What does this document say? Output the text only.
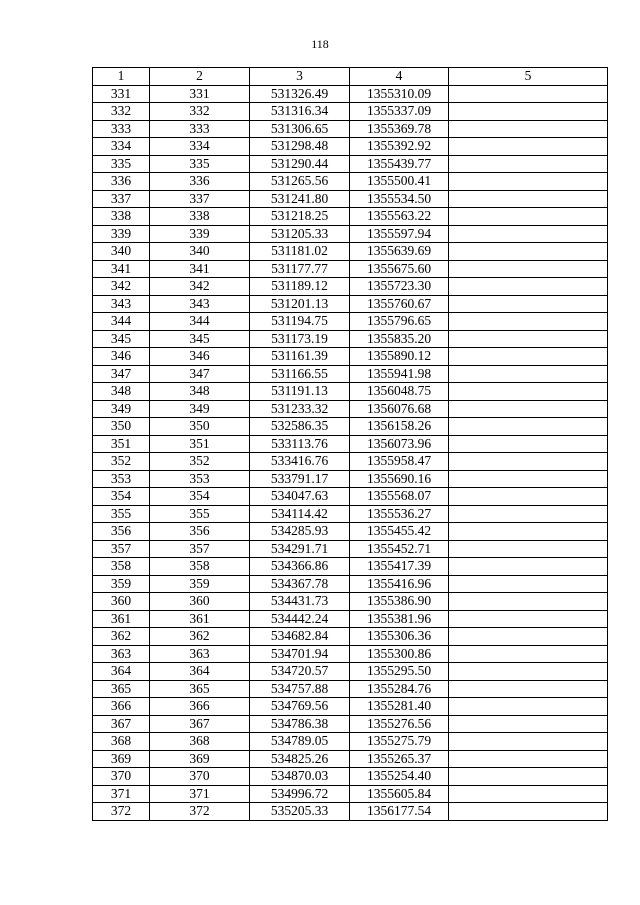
118
1	2	3	4	5
331	331	531326.49	1355310.09	
332	332	531316.34	1355337.09	
333	333	531306.65	1355369.78	
334	334	531298.48	1355392.92	
335	335	531290.44	1355439.77	
336	336	531265.56	1355500.41	
337	337	531241.80	1355534.50	
338	338	531218.25	1355563.22	
339	339	531205.33	1355597.94	
340	340	531181.02	1355639.69	
341	341	531177.77	1355675.60	
342	342	531189.12	1355723.30	
343	343	531201.13	1355760.67	
344	344	531194.75	1355796.65	
345	345	531173.19	1355835.20	
346	346	531161.39	1355890.12	
347	347	531166.55	1355941.98	
348	348	531191.13	1356048.75	
349	349	531233.32	1356076.68	
350	350	532586.35	1356158.26	
351	351	533113.76	1356073.96	
352	352	533416.76	1355958.47	
353	353	533791.17	1355690.16	
354	354	534047.63	1355568.07	
355	355	534114.42	1355536.27	
356	356	534285.93	1355455.42	
357	357	534291.71	1355452.71	
358	358	534366.86	1355417.39	
359	359	534367.78	1355416.96	
360	360	534431.73	1355386.90	
361	361	534442.24	1355381.96	
362	362	534682.84	1355306.36	
363	363	534701.94	1355300.86	
364	364	534720.57	1355295.50	
365	365	534757.88	1355284.76	
366	366	534769.56	1355281.40	
367	367	534786.38	1355276.56	
368	368	534789.05	1355275.79	
369	369	534825.26	1355265.37	
370	370	534870.03	1355254.40	
371	371	534996.72	1355605.84	
372	372	535205.33	1356177.54	
